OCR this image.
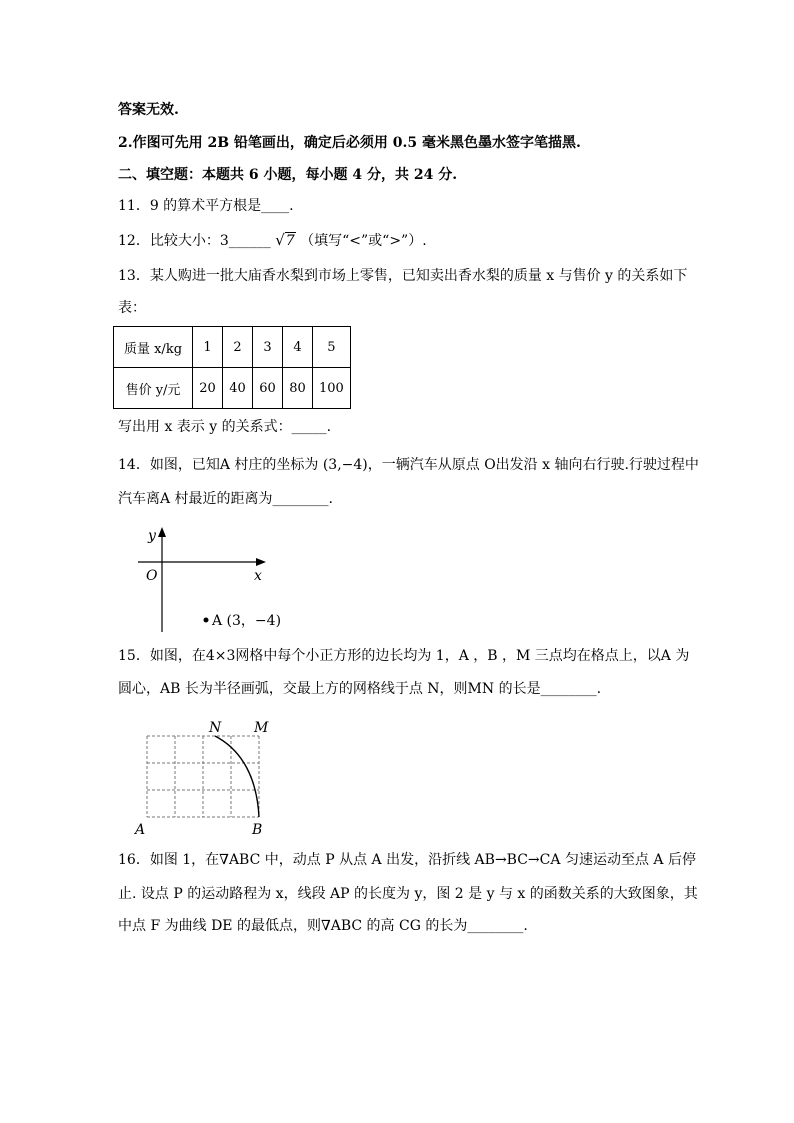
答案无效.
2.作图可先用 2B 铅笔画出，确定后必须用 0.5 毫米黑色墨水签字笔描黑.
二、填空题：本题共 6 小题，每小题 4 分，共 24 分.
11．9 的算术平方根是____.
12．比较大小：3______ √7 （填写“<”或“>”）.
13．某人购进一批大庙香水梨到市场上零售，已知卖出香水梨的质量 x 与售价 y 的关系如下
表：
质量 x/kg	1	2	3	4	5
售价 y/元	20	40	60	80	100
写出用 x 表示 y 的关系式：_____.
14．如图，已知A 村庄的坐标为 (3,−4)，一辆汽车从原点 O出发沿 x 轴向右行驶.行驶过程中
汽车离A 村最近的距离为________.
y
x
O
A (3，−4)
15．如图，在4×3网格中每个小正方形的边长均为 1，A ，B ，M 三点均在格点上，以A 为
圆心，AB 长为半径画弧，交最上方的网格线于点 N，则MN 的长是________.
N M
A	B
16．如图 1，在∇ABC 中，动点 P 从点 A 出发，沿折线 AB→BC→CA 匀速运动至点 A 后停
止. 设点 P 的运动路程为 x，线段 AP 的长度为 y，图 2 是 y 与 x 的函数关系的大致图象，其
中点 F 为曲线 DE 的最低点，则∇ABC 的高 CG 的长为________.
